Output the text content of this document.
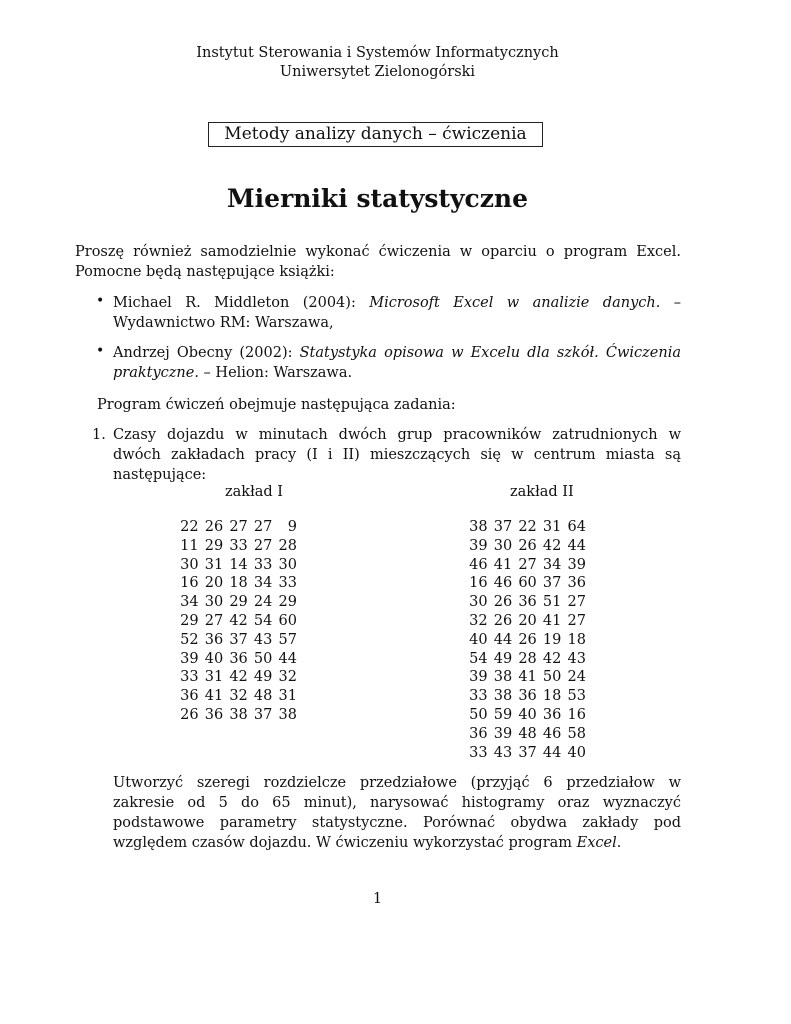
Instytut Sterowania i Systemów Informatycznych
Uniwersytet Zielonogórski
Metody analizy danych – ćwiczenia
Mierniki statystyczne
Proszę również samodzielnie wykonać ćwiczenia w oparciu o program Excel. Pomocne będą następujące książki:
• Michael R. Middleton (2004): Microsoft Excel w analizie danych. – Wydawnictwo RM: Warszawa,
• Andrzej Obecny (2002): Statystyka opisowa w Excelu dla szkół. Ćwiczenia praktyczne. – Helion: Warszawa.
Program ćwiczeń obejmuje następująca zadania:
1. Czasy dojazdu w minutach dwóch grup pracowników zatrudnionych w dwóch zakładach pracy (I i II) mieszczących się w centrum miasta są następujące:
zakład I	zakład II
22	26	27	27	9
11	29	33	27	28
30	31	14	33	30
16	20	18	34	33
34	30	29	24	29
29	27	42	54	60
52	36	37	43	57
39	40	36	50	44
33	31	42	49	32
36	41	32	48	31
26	36	38	37	38
38	37	22	31	64
39	30	26	42	44
46	41	27	34	39
16	46	60	37	36
30	26	36	51	27
32	26	20	41	27
40	44	26	19	18
54	49	28	42	43
39	38	41	50	24
33	38	36	18	53
50	59	40	36	16
36	39	48	46	58
33	43	37	44	40
Utworzyć szeregi rozdzielcze przedziałowe (przyjąć 6 przedziałow w zakresie od 5 do 65 minut), narysować histogramy oraz wyznaczyć podstawowe parametry statystyczne. Porównać obydwa zakłady pod względem czasów dojazdu. W ćwiczeniu wykorzystać program Excel.
1
